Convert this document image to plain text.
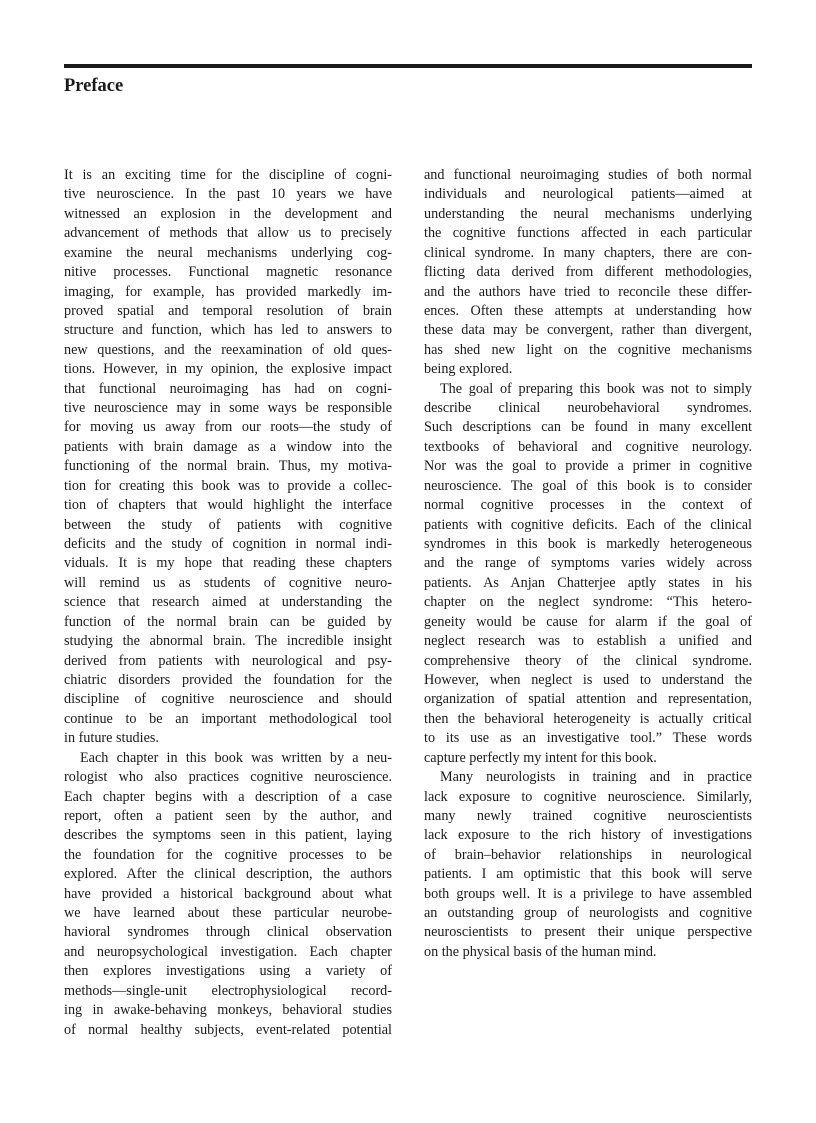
Preface
It is an exciting time for the discipline of cogni-
tive neuroscience. In the past 10 years we have
witnessed an explosion in the development and
advancement of methods that allow us to precisely
examine the neural mechanisms underlying cog-
nitive processes. Functional magnetic resonance
imaging, for example, has provided markedly im-
proved spatial and temporal resolution of brain
structure and function, which has led to answers to
new questions, and the reexamination of old ques-
tions. However, in my opinion, the explosive impact
that functional neuroimaging has had on cogni-
tive neuroscience may in some ways be responsible
for moving us away from our roots—the study of
patients with brain damage as a window into the
functioning of the normal brain. Thus, my motiva-
tion for creating this book was to provide a collec-
tion of chapters that would highlight the interface
between the study of patients with cognitive
deficits and the study of cognition in normal indi-
viduals. It is my hope that reading these chapters
will remind us as students of cognitive neuro-
science that research aimed at understanding the
function of the normal brain can be guided by
studying the abnormal brain. The incredible insight
derived from patients with neurological and psy-
chiatric disorders provided the foundation for the
discipline of cognitive neuroscience and should
continue to be an important methodological tool
in future studies.
Each chapter in this book was written by a neu-
rologist who also practices cognitive neuroscience.
Each chapter begins with a description of a case
report, often a patient seen by the author, and
describes the symptoms seen in this patient, laying
the foundation for the cognitive processes to be
explored. After the clinical description, the authors
have provided a historical background about what
we have learned about these particular neurobe-
havioral syndromes through clinical observation
and neuropsychological investigation. Each chapter
then explores investigations using a variety of
methods—single-unit electrophysiological record-
ing in awake-behaving monkeys, behavioral studies
of normal healthy subjects, event-related potential
and functional neuroimaging studies of both normal
individuals and neurological patients—aimed at
understanding the neural mechanisms underlying
the cognitive functions affected in each particular
clinical syndrome. In many chapters, there are con-
flicting data derived from different methodologies,
and the authors have tried to reconcile these differ-
ences. Often these attempts at understanding how
these data may be convergent, rather than divergent,
has shed new light on the cognitive mechanisms
being explored.
The goal of preparing this book was not to simply
describe clinical neurobehavioral syndromes.
Such descriptions can be found in many excellent
textbooks of behavioral and cognitive neurology.
Nor was the goal to provide a primer in cognitive
neuroscience. The goal of this book is to consider
normal cognitive processes in the context of
patients with cognitive deficits. Each of the clinical
syndromes in this book is markedly heterogeneous
and the range of symptoms varies widely across
patients. As Anjan Chatterjee aptly states in his
chapter on the neglect syndrome: “This hetero-
geneity would be cause for alarm if the goal of
neglect research was to establish a unified and
comprehensive theory of the clinical syndrome.
However, when neglect is used to understand the
organization of spatial attention and representation,
then the behavioral heterogeneity is actually critical
to its use as an investigative tool.” These words
capture perfectly my intent for this book.
Many neurologists in training and in practice
lack exposure to cognitive neuroscience. Similarly,
many newly trained cognitive neuroscientists
lack exposure to the rich history of investigations
of brain–behavior relationships in neurological
patients. I am optimistic that this book will serve
both groups well. It is a privilege to have assembled
an outstanding group of neurologists and cognitive
neuroscientists to present their unique perspective
on the physical basis of the human mind.
